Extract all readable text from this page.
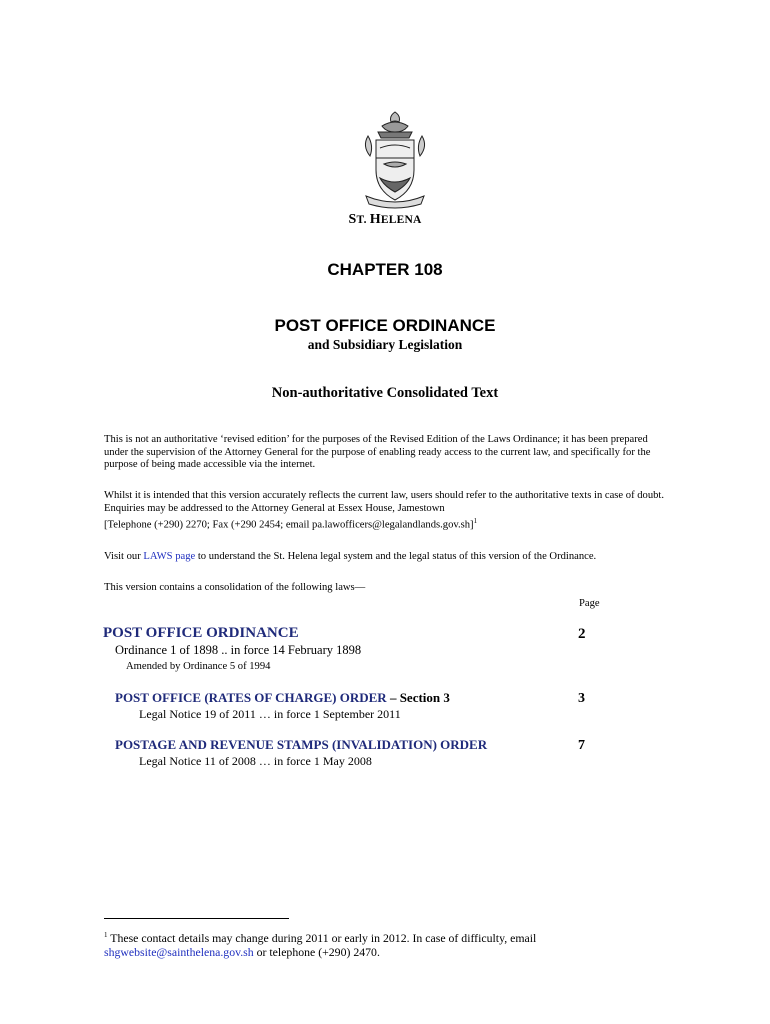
ST. HELENA
CHAPTER 108
POST OFFICE ORDINANCE
and Subsidiary Legislation
Non-authoritative Consolidated Text
This is not an authoritative ‘revised edition’ for the purposes of the Revised Edition of the Laws Ordinance; it has been prepared under the supervision of the Attorney General for the purpose of enabling ready access to the current law, and specifically for the purpose of being made accessible via the internet.
Whilst it is intended that this version accurately reflects the current law, users should refer to the authoritative texts in case of doubt. Enquiries may be addressed to the Attorney General at Essex House, Jamestown
[Telephone (+290) 2270; Fax (+290 2454; email pa.lawofficers@legalandlands.gov.sh]$^1$
Visit our LAWS page to understand the St. Helena legal system and the legal status of this version of the Ordinance.
This version contains a consolidation of the following laws—
Page
POST OFFICE ORDINANCE	2
Ordinance 1 of 1898 .. in force 14 February 1898
Amended by Ordinance 5 of 1994
POST OFFICE (RATES OF CHARGE) ORDER – Section 3	3
Legal Notice 19 of 2011 … in force 1 September 2011
POSTAGE AND REVENUE STAMPS (INVALIDATION) ORDER	7
Legal Notice 11 of 2008 … in force 1 May 2008
$^1$ These contact details may change during 2011 or early in 2012. In case of difficulty, email
shgwebsite@sainthelena.gov.sh or telephone (+290) 2470.
